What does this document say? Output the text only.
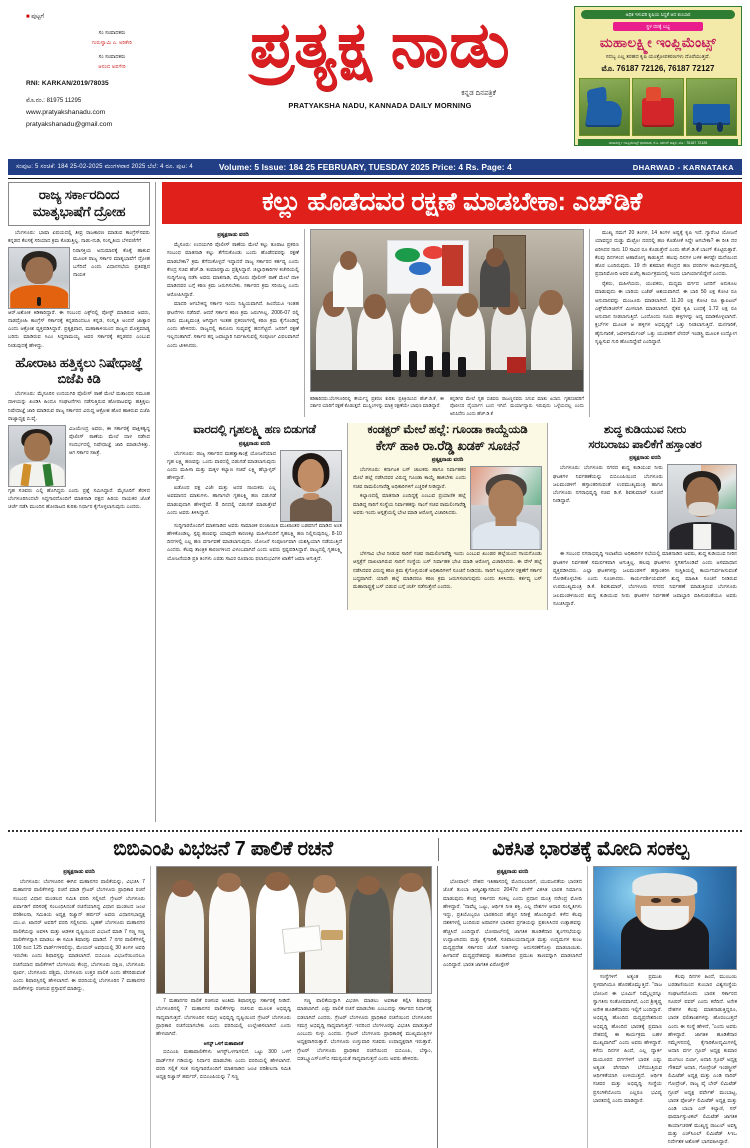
■ ಪುಟ್ಟಗೆ
ಸಂ ಸಂಪಾದಕರು
ಗುರುಸ್ವಾಮಿ ಎ. ಅರಿಕೇರಿ
ಸಂ ಸಂಪಾದಕರು
ಆನಂದ ಅಪಗೇರಿ
RNI: KARKAN/2019/78035
ಮೊ.ನಂ.: 81975 11295
www.pratyakshanadu.com
pratyakshanadu@gmail.com
ಪ್ರತ್ಯಕ್ಷ ನಾಡು
ಕನ್ನಡ ದಿನಪತ್ರಿಕೆ
PRATYAKSHA NADU, KANNADA DAILY MORNING
ಅಧಿಕ ಇಳುವರಿ ಕೃಷಿಯ ಸಿದ್ಧತೆ ಆದ ಕುಂಬಾರ
ಸ್ಥಳ ದರಕ್ಕೆ ಲಭ್ಯ
ಮಹಾಲಕ್ಷ್ಮೀ ಇಂಪ್ಲಿಮೆಂಟ್ಸ್
ಸದಬ್ಬ ಎಲ್ಲ ತರಹದ ಕೃಷಿ ಯಂತ್ರೋಪಕರಣಗಳು ದೊರೆಯುತ್ತವೆ.
ಮೊ. 76187 72126, 76187 72127
ಮಹಾಲಕ್ಷ್ಮೀ ಇಂಪ್ಲಿಮೆಂಟ್ಸ್ ಧಾರವಾಡ, ಕೆ.ಸಿ. ಸರ್ಕಲ್ ಹತ್ತಿರ, ಮೊ : 76187 72126
ಸಂಪುಟ: 5 ಸಂಚಿಕೆ: 184 25-02-2025 ಮಂಗಳವಾರ 2025 ಬೆಲೆ: 4 ರೂ. ಪುಟ: 4	Volume: 5 Issue: 184 25 FEBRUARY, TUESDAY 2025 Price: 4 Rs. Page: 4	DHARWAD - KARNATAKA
ರಾಜ್ಯ ಸರ್ಕಾರದಿಂದ ಮಾತೃಭಾಷೆಗೆ ದ್ರೋಹ

ಬೆಂಗಳೂರು: ಭಾಷಾ ಏಷಯದಲ್ಲಿ ತೀವ್ರ ರಾಜಕಾರಣ ಮಾಡುವ ಕಾಂಗ್ರೆಸ್‌ನವರು ಕನ್ನಡದ ಕೆಲಸಕ್ಕೆ ಸರಿಯಾದ ಕ್ರಮ ಕೊಡುತ್ತಿಲ್ಲ. ನಾಡು-ನುಡಿ, ಸಂಸ್ಕೃತಿಯ ಬೆಳವಣಿಗೆಗೆ

ನಿರಾಸಕ್ತಿಯ ಅದುಮಾನಕ್ಕೆ ಕೊಕ್ಕೆ ಹಾಕುವ ಮೂಲಕ ರಾಜ್ಯ ಸರ್ಕಾರ ಮಾತೃಭಾಷೆಗೆ ದ್ರೋಹ ಬಗೆದಿದೆ ಎಂದು ವಿಧಾನಸಭೆಯ ಪ್ರತಿಪಕ್ಷದ ನಾಯಕ

ಆರ್.ಅಶೋಕ ಕಿಡಿಕಾರಿದ್ದಾರೆ. ಈ ಸಂಬಂಧ ಎಕ್ಸ್‌ನಲ್ಲಿ ಪೋಸ್ಟ್ ಮಾಡಿರುವ ಅವರು, ನಾಡದ್ರೋಹಿ ಕಾಂಗ್ರೆಸ್ ಸರ್ಕಾರಕ್ಕೆ ಕನ್ನಡದಿಂದಲೂ ಕನ್ನಡ, ಸಂಸ್ಕೃತಿ ಅಂದರೆ ಜಾತ್ಯಾರ ಎಂದು ಆಕ್ರೋಶ ವ್ಯಕ್ತಪಡಿಸಿದ್ದಾರೆ. ಪ್ರತ್ಯಕ್ಷವಾದ, ಮಹಾಕಾಳಿಯಿಂದ ರಾಜ್ಯದ ಮೊತ್ತಮಾಡ್ಯ ಬರಿದು ಮಾಡಿರುವ ಸಿಎಂ ಸಿದ್ದರಾಮಯ್ಯ ಅವರ ಸರ್ಕಾರಕ್ಕೆ ಕನ್ನಡಪರ ಎಂಬುವ ನೀಡುವುದಕ್ಕೆ ಹೇಳಿದ್ದು.

ಹೋರಾಟ ಹತ್ತಿಕ್ಕಲು ನಿಷೇಧಾಜ್ಞೆ ಬಿಜೆಪಿ ಕಿಡಿ

ಬೆಂಗಳೂರು: ಮೈಸೂರಿನ ಉದಯಗಿರಿ ಪೊಲೀಸ್ ಠಾಣೆ ಮೇಲೆ ಮತಾಂಧರ ಸಮೂಹ ದಾಳಿಯನ್ನು ಖಂಡಿಸಿ ಹಿಂದೂ ಸಂಘಟನೆಗಳು ನಡೆಸುತ್ತಿರುವ ಹೋರಾಟವನ್ನು ಹತ್ತಿಕ್ಕಲು ನಿಷೇಧಾಜ್ಞೆ ಜಾರಿ ಮಾಡಿರುವ ರಾಜ್ಯ ಸರ್ಕಾರದ ವಿರುದ್ಧ ಆಕ್ರೋಶ ಹೊರ ಹಾಕಿರುವ ಬಿಜೆಪಿ ರಾಜ್ಯಾಧ್ಯಕ್ಷ ಬಿ.ವೈ.

ವಿಜಯೇಂದ್ರ ಅವರು, ಈ ಸರ್ಕಾರಕ್ಕೆ ಪಾಕ್ಷಿಕತ್ವದ್ದ ಪೊಲೀಸ್ ಠಾಣೆಯ ಮೇಲೆ ದಾಳ ನಡೆಸಿದ ಸಂದರ್ಭದಲ್ಲಿ ನಿಷೇಧಾಜ್ಞೆ ಜಾರಿ ಮಾಡಬೇಕಿತ್ತು. ಆಗ ಸರ್ಕಾರ ಸಹಿತ್ರೆ.

ಗೃಹ ಸಚಿವರು ಎಲ್ಲಿ ಹೊಗಿದ್ದರು ಎಂದು ಪ್ರಶ್ನೆ ಸಮಿಸಿದ್ದಾರೆ. ಮೈಸೂರಿಗೆ ತೆರಳಿದ ಬೆಂಗಳೂರಿನಿಂದಲೇ ಸಿದ್ದಗಾರದೊಂದಿಗೆ ಮಾತನಾಡಿ ಪಕ್ಷದ ಹಿರಿಯ ನಾಯಕರ ಜೊತೆ ಚರ್ಚೆ ನಡೆಸಿ ಮುಂದಿನ ಹೋರಾಟದ ಕುರಿತು ನಿರ್ಧಾರ ಕೈಗೊಳ್ಳಲಾಗುವುದು ಎಂದರು.

ಕಲ್ಲು ಹೊಡೆದವರ ರಕ್ಷಣೆ ಮಾಡಬೇಕಾ: ಎಚ್‌ಡಿಕೆ
ಪ್ರತ್ಯಕ್ಷನಾಡು ವರದಿ

ಮೈಸೂರು: ಉದಯಗಿರಿ ಪೊಲೀಸ್ ಠಾಣೆಯ ಮೇಲೆ ಕಲ್ಲು ತೂರಾಟ ಪ್ರಕರಣ ಸಂಬಂಧ ಮಾತನಾಡಿ ಕಲ್ಲು ತೆಗೆದುಕೊಂಡು ಬಂದು ಹೊಡೆದವರನ್ನು ರಕ್ಷಣೆ ಮಾಡಬೇಕಾ? ಕ್ರಮ ತೆಗೆದುಕೊಳ್ಳದೆ ಇದ್ದಾದರೆ ರಾಜ್ಯ ಸರ್ಕಾರದ ಕರ್ತವ್ಯ ಎಂದು ಕೇಂದ್ರ ಸಚಿವ ಹೆಚ್.ಡಿ. ಕುಮಾರಸ್ವಾಮಿ ಪ್ರಶ್ನಿಸಿದ್ದಾರೆ. ಜಿಲ್ಲಾಧಿಕಾರಿಗಳ ಕಚೇರಿಯಲ್ಲಿ ಸುದ್ದಿಗೋಷ್ಠಿ ನಡೆಸಿ ಅವರು ಮಾತನಾಡಿ, ಮೈಸೂರು ಪೊಲೀಸ್ ಠಾಣೆ ಮೇಲೆ ದಾಳಿ ಮಾಡಿದವರ ಬಗ್ಗೆ ಕಠಿಣ ಕ್ರಮ ಜರುಗಿಸಬೇಕು. ಸರ್ಕಾರದ ಕ್ರಮ ಸರಿಯಿಲ್ಲ ಎಂದು ಆರೋಪಿಸಿದ್ದಾರೆ.

ಮಾದರಿ ಆಗಬೇಕಿದ್ದ ಸರ್ಕಾರ ಇಂದು ನಿಷ್ಕ್ರಿಯವಾಗಿದೆ. ಹಿಂದೆಯೂ ಇಂತಹ ಘಟನೆಗಳು ನಡೆದಿವೆ. ಆದರೆ ಸರ್ಕಾರ ಕಠಿಣ ಕ್ರಮ ಜರುಗಿಸಿಲ್ಲ. 2006-07 ರಲ್ಲಿ ನಾನು ಮುಖ್ಯಮಂತ್ರಿ ಆಗಿದ್ದಾಗ ಇಂತಹ ಪ್ರಕರಣಗಳಲ್ಲಿ ಕಠಿಣ ಕ್ರಮ ಕೈಗೊಂಡಿದ್ದೆ ಎಂದು ಹೇಳಿದರು. ರಾಜ್ಯದಲ್ಲಿ ಕಾನೂನು ಸುವ್ಯವಸ್ಥೆ ಹದಗೆಟ್ಟಿದೆ. ಜನರಿಗೆ ರಕ್ಷಣೆ ಇಲ್ಲದಂತಾಗಿದೆ. ಸರ್ಕಾರ ತನ್ನ ಜವಾಬ್ದಾರಿ ನಿರ್ವಹಿಸುವಲ್ಲಿ ಸಂಪೂರ್ಣ ವಿಫಲವಾಗಿದೆ ಎಂದು ಟೀಕಿಸಿದರು.

ಕಡಿಕಾರಿದರು.ಬೆಂಗಳೂರಿನಲ್ಲಿ ಕೌರ್ಯಸ್ಥ ಪ್ರಕರಣ ಕುರಿತು ಪ್ರತಿಕ್ರಿಯಿಸಿದ ಹೆಚ್.ಡಿ.ಕೆ, ಈ ಸರ್ಕಾರ ಯಾರಿಗೆ ರಕ್ಷಣೆ ಕೊಡುತ್ತದೆ. ಮುಸ್ಲಿಂಗಳನ್ನು ಮಾತ್ರ ರಕ್ಷಣೆಯೇ ಭಾಷಣ ಮಾಡಿದ್ದಾರೆ.
ಕನ್ನಡಿಗರ ಮೇಲೆ ಗೃಹ ಸಚಿವರು ರಾಜಣ್ಣನವರು ಸಿಗುವ ಮಾತು ಏಸಾದ. ಗೃಹಸಚಿವರಿಗೆ ಪೊಲೀಸರ ದೈರ್ಯಾಗ ಬಂದ ಇಗಿದೆ. ಮರ್ಯಾದ್ಯಾರು ಇರುವುದು ಒಳ್ಳೆಯದಲ್ಲ ಎಂದು ಅನಿಸಿದೆನು ಎಂದು ಹೆಚ್.ಡಿ.ಕೆ

ಮುಖ್ಯ ನಮಗೆ 20 ತಿಂಗಳ, 14 ತಿಂಗಳ ಅಷ್ಟಕ್ಕೆ ಕೃಷಿ ಇದೆ. ಗ್ಯಾರೆಂಟಿ ಯೋಜನೆ ಯಾವದ್ದರ ದುಡ್ಡು ಮೆಟ್ರೋ ದರದಲ್ಲಿ ಹಣ ಕೊಡೋಕೆ ಸಿದ್ಧೇ ಆಗಬೇಕಾ? ಈ ರೀತಿ ದರ ಏರಿಸಿದರ ನಾನು 10 ಸಾವಿರ ರೂ ಕೊಡುತ್ತೇನೆ ಎಂದು ಹೆಚ್.ಡಿ.ಕೆ ಬಾಂಗ್ ಕೊಟ್ಟಿರುತ್ತಾರೆ. ಕೆಲವು ದಿನಗಳಿಂದ ಆಹಾರೋಗ್ಯ ಕಾಡುತ್ತಿದೆ. ಹಲವು ದಿನಗಳ ಬಳಕ ಈಗಷ್ಟೇ ಮನೆಯಿಂದ ಹೊರ ಬಂದಿರುವುದು. 19 ನೇ ಶತಮಾನ ಕೇಂದ್ರದ ಹಣ ವರದಿಗಳ ಕಾರ್ಯಕ್ರಮದಲ್ಲಿ ಪ್ರಧಾನಿಮೋದಿ ಅವರ ಏಜೆನ್ಸಿ ಕಾರ್ಯಕ್ರಮದಲ್ಲಿ ಇಂದು ಭಾಗಿಯಾಗಲಿದ್ದೇನೆ ಎಂದರು.

ರೈತರು, ಮಹಿಳೆಯರು, ಯುವಕರು, ಮಧ್ಯಮ ವರ್ಗದ ಜನರಿಗೆ ಅನುಕೂಲ ಮಾಡುವುದು ಈ ಬಾರಿಯ ಬಜೆಟ್ ಆಶಯವಾಗಿದೆ. ಈ ಬಾರಿ 50 ಲಕ್ಷ ಕೋಟಿ ರೂ ಅನುದಾನವನ್ನು ಮಂಜೂರು ಮಾಡಲಾಗಿದೆ. 11.20 ಲಕ್ಷ ಕೋಟಿ ರೂ ಕ್ಯಾಪಿಟಲ್ ಎಕ್ಸ್‌ಪೆಂಡಿಚರ್‌ಗೆ ಮೀಸಲಾಗಿ ಮಾಡಲಾಗಿದೆ. ರೈತರ ಕೃಷಿ ಬಂಧಕ್ಕೆ 1.72 ಲಕ್ಷ ರೂ ಅನುದಾನ ನೀಡಲಾಗುತ್ತಿದೆ. ಒಂದೊಂದು ಸೂರು ಹಳ್ಳಿಗಳನ್ನು ಅದ್ಯ ಮಾಡಿಕೊಳ್ಳಲಾಗಿದೆ. ಕ್ಲಬ್‌ಗಳ ಮೂಲಕ ಆ ಹಳ್ಳಿಗಳ ಅಭಿವೃದ್ಧಿಗೆ ಒತ್ತು ನೀಡಲಾಗುತ್ತಿದೆ. ಮನಗಾರಿಕೆ, ಹೈನುಗಾರಿಕೆ, ಜವಳಿಗಾರ್ಮೆಂಟ್ ಒತ್ತು ಯುವಕರಿಗೆ ಲೇದರ್ ಇಂಡಸ್ಟ್ರಿ ಮೂಲಕ ಉದ್ಯೋಗ ಸೃಷ್ಟಿಸುವ ಗುರಿ ಹೊಂದಿದ್ದೇವೆ ಎಂದಿದ್ದಾರೆ.

ವಾರದಲ್ಲಿ ಗೃಹಲಕ್ಷ್ಮಿ ಹಣ ಬಿಡುಗಡೆ
ಪ್ರತ್ಯಕ್ಷನಾಡು ವರದಿ

ಬೆಂಗಳೂರು: ರಾಜ್ಯ ಸರ್ಕಾರದ ಮಹತ್ವಾಕಾಂಕ್ಷೆ ಯೋಜನೆಯಾದ ಗೃಹ ಲಕ್ಷ್ಮಿ ಹಣವನ್ನು ಒಂದು ವಾರದಲ್ಲಿ ಬಿಡುಗಡೆ ಮಾಡಲಾಗುವುದು ಎಂದು ಮಹಿಳಾ ಮತ್ತು ಮಕ್ಕಳ ಕಲ್ಯಾಣ ಸಚಿವೆ ಲಕ್ಷ್ಮಿ ಹೆಬ್ಬಾಳ್ಕರ್ ಹೇಳಿದ್ದಾರೆ.

ಏಡೊಂಥ ಪಕ್ಷ ವಿಜೇ ಮತ್ತು ಅದರ ನಾಯಕರು ಎಲ್ಲ ಅವಮಾನದ ಮಾತುಗಳು. ಹಾಗಾಗಲೇ ಗೃಹಲಕ್ಷ್ಮಿ ಹಣ ಬಿಡುಗಡೆ ಮಾಡುವುದಾಗಿ ಹೇಳಿದ್ದೇವೆ. 8 ದಿನದಲ್ಲಿ ಬಿಡುಗಡೆ ಮಾಡುತ್ತೇವೆ ಎಂದು ಅವರು ತಿಳಿಸಿದ್ದಾರೆ.

ಸುದ್ದಿಗಾರರೊಂದಿಗೆ ಮಾತನಾಡಿದ ಅವರು ಸಾಮಾಜಿಕ ಪಂಚಾಯಿತಿ ಮುಖಾಂತರ ಬಡವನಿಗೆ ಮಾಡಿದ ಅಂತ ಹೇಳಿಕೊಂಡಿಲ್ಲ. ಸ್ಪಷ್ಟ ಹಣವನ್ನು ಯಾವುದೇ ಕಾರಣಕ್ಕೂ ಮಹಿಳೆಯರಿಗೆ ಗೃಹಲಕ್ಷ್ಮಿ ಹಣ ನಿಲ್ಲಿಸುವುದಿಲ್ಲ. 8-10 ದಿನಗಳಲ್ಲಿ ಎಲ್ಲ ಹಣ ವರ್ಗಾವಣೆ ಮಾಡಲಾಗುವುದು. ಯೋಜನೆ ಸಂಪೂರ್ಣವಾಗಿ ಯಶಸ್ವಿಯಾಗಿ ನಡೆಯುತ್ತಿದೆ ಎಂದರು. ಕೆಲವು ತಾಂತ್ರಿಕ ಕಾರಣಗಳಿಂದ ವಿಳಂಬವಾಗಿದೆ ಎಂದು ಅವರು ಸ್ಪಷ್ಟಪಡಿಸಿದ್ದಾರೆ. ರಾಜ್ಯದಲ್ಲಿ ಗೃಹಲಕ್ಷ್ಮಿ ಯೋಜನೆಯಡಿ ಪ್ರತಿ ತಿಂಗಳು ಎರಡು ಸಾವಿರ ರೂಪಾಯಿ ಫಲಾನುಭವಿಗಳ ಖಾತೆಗೆ ಜಮಾ ಆಗುತ್ತಿದೆ.

ಕಂಡಕ್ಟರ್ ಮೇಲೆ ಹಲ್ಲೆ: ಗೂಂಡಾ ಕಾಯ್ದೆಯಡಿ
ಕೇಸ್ ಹಾಕಿ ರಾ.ರೆಡ್ಡಿ ಖಡಕ್ ಸೂಚನೆ
ಪ್ರತ್ಯಕ್ಷನಾಡು ವರದಿ

ಬೆಂಗಳೂರು: ಕರ್ನಾಟಕ ಬಸ್ ಚಾಲಕರು ಹಾಗೂ ನಿರ್ವಾಹಕರ ಮೇಲೆ ಹಲ್ಲೆ ನಡೆಸಿದವರ ವಿರುದ್ಧ ಗೂಂಡಾ ಕಾಯ್ದೆ ಹಾಕಬೇಕು ಎಂದು ಸಚಿವ ರಾಮಲಿಂಗಾರೆಡ್ಡಿ ಅಧಿಕಾರಿಗಳಿಗೆ ಎಚ್ಚರಿಕೆ ನೀಡಿದ್ದಾರೆ.

ಕಲ್ಯಾಣದಲ್ಲಿ ಮಾತನಾಡಿ ಎಂದಿದ್ದಕ್ಕೆ ಎಂಬುವ ಪ್ರಯಾಣಿಕ ಹಲ್ಲೆ ಮಾಡಿದ್ದ ಸಾರಿಗೆ ಸಂಸ್ಥೆಯ ನಿರ್ವಾಹಕನ್ನು ಸಾಂಗೆ ಸಚಿವ ರಾಮಲಿಂಗಾರೆಡ್ಡಿ ಅವರು ಇಂದು ಆಸ್ಪತ್ರೆಯಲ್ಲಿ ಭೇಟಿ ಮಾಡಿ ಆರೋಗ್ಯ ವಿಚಾರಿಸಿದರು.

ಬೆಳಗಾವಿ ಭೇಟಿ ನೀಡುವ ಸಾರಿಗೆ ಸಚಿವ ರಾಮಲಿಂಗಾರೆಡ್ಡಿ ಇಂದು ಎಂಬುವ ಖುಂಡರ ಹಲ್ಲೆಯಿಂದ ಗಾಯಗೊಂಡು ಆಸ್ಪತ್ರೆಗೆ ದಾಖಲಾಗಿರುವ ಸಾರಿಗೆ ಸಂಸ್ಥೆಯ ಬಸ್ ನಿರ್ವಾಹಕ ಭೇಟಿ ಮಾಡಿ ಆರೋಗ್ಯ ವಿಚಾರಿಸಿದರು. ಈ ವೇಳೆ ಹಲ್ಲೆ ನಡೆಸಿದವರ ವಿರುದ್ಧ ಕಠಿಣ ಕ್ರಮ ಕೈಗೊಳ್ಳುವಂತೆ ಅಧಿಕಾರಿಗಳಿಗೆ ಸೂಚನೆ ನೀಡಿದರು. ಸಾರಿಗೆ ಸಿಬ್ಬಂದಿಗಳ ರಕ್ಷಣೆಗೆ ಸರ್ಕಾರ ಬದ್ಧವಾಗಿದೆ. ಯಾರೇ ಹಲ್ಲೆ ಮಾಡಿದರೂ ಕಠಿಣ ಕ್ರಮ ಜರುಗಿಸಲಾಗುವುದು ಎಂದು ತಿಳಿಸಿದರು. ಕರ್ತವ್ಯ ಬಸ್ ಮಹಾರಾಷ್ಟ್ರಕ್ಕೆ ಬಸ್ ಬಿಡುವ ಬಗ್ಗೆ ಚರ್ಚೆ ನಡೆಸುತ್ತೇನೆ ಎಂದರು.

ಶುದ್ಧ ಕುಡಿಯುವ ನೀರು
ಸರಬರಾಜು ಪಾಲಿಕೆಗೆ ಹಸ್ತಾಂತರ
ಪ್ರತ್ಯಕ್ಷನಾಡು ವರದಿ

ಬೆಂಗಳೂರು: ಬೆಂಗಳೂರು ನಗರದ ಶುದ್ಧ ಕುಡಿಯುವ ನೀರು ಘಟಕಗಳ ನಿರ್ವಹಣೆಯನ್ನು ಬಿಬಿಎಂಪಿಯಿಂದ ಬೆಂಗಳೂರು ಜಲಮಂಡಳಿಗೆ ಹಸ್ತಾಂತರಿಸುವಂತೆ ಉಪಮುಖ್ಯಮಂತ್ರಿ ಹಾಗೂ ಬೆಂಗಳೂರು ನಗರಾಭಿವೃದ್ಧಿ ಸಚಿವ ಡಿ.ಕೆ. ಶಿವಕುಮಾರ್ ಸೂಚನೆ ನೀಡಿದ್ದಾರೆ.

ಈ ಸಂಬಂಧ ನಗರಾಭಿವೃದ್ಧಿ ಇಲಾಖೆಯ ಅಧಿಕಾರಿಗಳ ಸಭೆಯಲ್ಲಿ ಮಾತನಾಡಿದ ಅವರು, ಶುದ್ಧ ಕುಡಿಯುವ ನೀರಿನ ಘಟಕಗಳ ನಿರ್ವಹಣೆ ಸಮರ್ಪಕವಾಗಿ ಆಗುತ್ತಿಲ್ಲ. ಹಲವು ಘಟಕಗಳು ಸ್ಥಗಿತಗೊಂಡಿವೆ ಎಂದು ಅಸಮಾಧಾನ ವ್ಯಕ್ತಪಡಿಸಿದರು. ಎಲ್ಲಾ ಘಟಕಗಳನ್ನು ಜಲಮಂಡಳಿಗೆ ಹಸ್ತಾಂತರಿಸಿ ಸುಸ್ಥಿತಿಯಲ್ಲಿ ಕಾರ್ಯನಿರ್ವಹಿಸುವಂತೆ ನೋಡಿಕೊಳ್ಳಬೇಕು ಎಂದು ಸೂಚಿಸಿದರು. ಕಾರ್ಯದರ್ಶಿಯವರಿಗೆ ಶುದ್ಧ ಮಾಹಿತಿ ಸೂಚನೆ ನೀಡಿರುವ ಉಪಮುಖ್ಯಮಂತ್ರಿ ಡಿ.ಕೆ. ಶಿವಕುಮಾರ್, ಬೆಂಗಳೂರು ನಗರದ ನಿರ್ವಹಣೆ ಮಾಡುತ್ತಿರುವ ಬೆಂಗಳೂರು ಜಲಮಂಡಳಿಯಿಂದ ಶುದ್ಧ ಕುಡಿಯುವ ನೀರು ಘಟಕಗಳ ನಿರ್ವಹಣೆ ಜವಾಬ್ದಾರಿ ವಹಿಸುವಂತೆಯೂ ಅವರು ಸೂಚಿಸಿದ್ದಾರೆ.

ಬಿಬಿಎಂಪಿ ವಿಭಜನೆ 7 ಪಾಲಿಕೆ ರಚನೆ	ವಿಕಸಿತ ಭಾರತಕ್ಕೆ ಮೋದಿ ಸಂಕಲ್ಪ
ಪ್ರತ್ಯಕ್ಷನಾಡು ವರದಿ

ಬೆಂಗಳೂರು: ಬೆಂಗಳೂರಿನ ಈಗಿನ ಮಹಾನಗರ ಪಾಲಿಕೆಯನ್ನು, ವಿಭಜಿಸಿ 7 ಮಹಾನಗರ ಪಾಲಿಕೆಗಳನ್ನು ರಚನೆ ಮಾಡಿ ಗ್ರೇಟರ್ ಬೆಂಗಳೂರು ಪ್ರಾಧಿಕಾರ ರಚನೆ ಸಂಬಂಧ ವಿಧಾನ ಮಂಡಲದ ಸಮಿತಿ ವರದಿ ಸಲ್ಲಿಸಿದೆ. ಗ್ರೇಟರ್ ಬೆಂಗಳೂರು ಏರ್ಪಾಡಿಗೆ ಪರಿಸರಕ್ಕೆ ಸಂಬಂಧಿಸಿದಂತೆ ರಚನೆಯಾಗಿದ್ದ ವಿಧಾನ ಮಂಡಲದ ಜಂಟಿ ಪರಿಶೀಲನಾ, ಸಮಿತಿಯ ಅಧ್ಯಕ್ಷ ರಿಜ್ವಾನ್ ಹರ್ಷದ್ ಅವರು ವಿಧಾನಸಭಾಧ್ಯಕ್ಷ ಯು.ಟಿ. ಖಾದರ್ ಅವರಿಗೆ ವರದಿ ಸಲ್ಲಿಸಿದರು. ಬೃಹತ್ ಬೆಂಗಳೂರು ಮಹಾನಗರ ಪಾಲಿಕೆಯನ್ನು ಅವಳಿಸಿ ಮತ್ತು ಆಡಳಿತ ದೃಷ್ಟಿಯಿಂದ ವಿಭಜನೆ ಮಾಡಿ 7 ಸಣ್ಣ ಸಣ್ಣ ಪಾಲಿಕೆಗಳನ್ನಾಗಿ ಮಾಡಲು ಈ ಸಮಿತಿ ಶಿಫಾರಸ್ಸು ಮಾಡಿದೆ. 7 ನಗರ ಪಾಲಿಕೆಗಳಲ್ಲಿ 100 ರಿಂದ 125 ವಾರ್ಡ್‌ಗಳಿರಲಿದ್ದು, ಮೇಯರ್ ಅವಧಿಯಲ್ಲಿ 30 ತಿಂಗಳ ಅವಧಿ ಇರಬೇಕು ಎಂದು ಶಿಫಾರಸ್ಸನ್ನು ಮಾಡಲಾಗಿದೆ. ಬಿಬಿಎಂಪಿ ವಿಭಜನೆಯಿಂದಲೂ ರಚನೆಯಾದ ಪಾಲಿಕೆಗಳಿಗೆ ಬೆಂಗಳೂರು ಕೇಂದ್ರ, ಬೆಂಗಳೂರು ದಕ್ಷಿಣ, ಬೆಂಗಳೂರು ಪೂರ್ವ, ಬೆಂಗಳೂರು ಪಶ್ಚಿಮ, ಬೆಂಗಳೂರು ಉತ್ತರ ಪಾಲಿಕೆ ಎಂದು ಹೆಸರಿಡುವಂತೆ ಎಂದು ಶಿಫಾರಸ್ಸಿನಲ್ಲಿ ಹೇಳಲಾಗಿದೆ. ಈ ವರದಿಯಲ್ಲಿ ಬೆಂಗಳೂರಿನ 7 ಮಹಾನಗರ ಪಾಲಿಕೆಗಳನ್ನು ರಚಿಸುವ ಪ್ರಸ್ತಾವನೆ ಮಾಡಿದ್ದು,

7 ಮಹಾನಗರ ಪಾಲಿಕೆ ರಚಿಸುವ ಅಂತಿಮ ಶಿಫಾರಸ್ಸನ್ನು ಸರ್ಕಾರಕ್ಕೆ ನೀಡಿದೆ. ಬೆಂಗಳೂರಿನಲ್ಲಿ 7 ಮಹಾನಗರ ಪಾಲಿಕೆಗಳನ್ನು ರಚಿಸುವ ಮೂಲಕ ಅಭಿವೃದ್ಧಿ ಸಾಧ್ಯವಾಗುತ್ತದೆ. ಬೆಂಗಳೂರಿನ ಸಮಗ್ರ ಅಭಿವೃದ್ಧಿ ದೃಷ್ಟಿಯಿಂದ ಗ್ರೇಟರ್ ಬೆಂಗಳೂರು ಪ್ರಾಧಿಕಾರ ರಚನೆಯಾಗಬೇಕು ಎಂದು ವರದಿಯಲ್ಲಿ ಉಲ್ಲೇಖಿಸಲಾಗಿದೆ ಎಂದು ಹೇಳಲಾಗಿದೆ.

ಆಗಸ್ಟ್ ಒಳಗೆ ಮಹಾಪಾಲಿಕೆ

ಬಿಬಿಎಂಪಿ ಮಹಾಪಾಲಿಕೆಗಳು ಆಗಸ್ಟ್‌ಒಳಗಾಗಲಿದೆ. ಒಟ್ಟು 300 ಒಳಗೆ ವಾರ್ಡ್‌ಗಳ ಗಡಿಯನ್ನು ನಿರ್ಧಾರ ಮಾಡಬೇಕು ಎಂದು ವರದಿಯಲ್ಲಿ ಹೇಳಲಾಗಿದೆ. ವರದಿ ಸಲ್ಲಿಕೆ ಸಂತ ಸುದ್ದಿಗಾರರೊಂದಿಗೆ ಮಾತನಾಡಿದ ಜಂಟಿ ಪರಿಶೀಲನಾ ಸಮಿತಿ ಅಧ್ಯಕ್ಷ ರಿಜ್ವಾನ್ ಹರ್ಷದ್, ಬಿಬಿಎಂಪಿಯನ್ನು 7 ಸಣ್ಣ

ಸಣ್ಣ ಪಾಲಿಕೆಯನ್ನಾಗಿ ವಿಭಜಿಸಿ ಮಾಡಲು ಅವಕಾಶ ಕಲ್ಪಿಸಿ ಶಿಫಾರಸ್ಸು ಮಾಡಲಾಗಿದೆ. ಎಷ್ಟು ಪಾಲಿಕೆ ರಚನೆ ಮಾಡಬೇಕು ಎಂಬುದನ್ನು ಸರ್ಕಾರದ ನಿರ್ಧಾರಕ್ಕೆ ಬಿಡಲಾಗಿದೆ ಎಂದರು. ಗ್ರೇಟರ್ ಬೆಂಗಳೂರು ಪ್ರಾಧಿಕಾರ ರಚನೆಯಿಂದ ಬೆಂಗಳೂರಿನ ಸಮಗ್ರ ಅಭಿವೃದ್ಧಿ ಸಾಧ್ಯವಾಗುತ್ತದೆ. ಇದರಿಂದ ಬೆಂಗಳೂರನ್ನು ವಿಭಜಿಸಿ ಮಾಡುತ್ತಾರೆ ಎಂಬುದು ಸುಳ್ಳು ಎಂದರು. ಗ್ರೇಟರ್ ಬೆಂಗಳೂರು ಪ್ರಾಧಿಕಾರಕ್ಕೆ ಮುಖ್ಯಮಂತ್ರಿಗಳ ಅಧ್ಯಕ್ಷರಾಗಿರುತ್ತಾರೆ. ಬೆಂಗಳೂರು ಉಸ್ತುವಾರಿ ಸಚಿವರು ಉಪಾಧ್ಯಕ್ಷರಾಗಿ ಇರುತ್ತಾರೆ. ಗ್ರೇಟರ್ ಬೆಂಗಳೂರು ಪ್ರಾಧಿಕಾರ ರಚನೆಯಿಂದ ಬಿಬಿಎಂಪಿ, ಬೆಸ್ಕಾಂ, ಬಿಡಬ್ಲ್ಯೂಎಸ್‌ಎಸ್‌ಬಿ ಸಮನ್ವಯತೆ ಸಾಧ್ಯವಾಗುತ್ತದೆ ಎಂದು ಅವರು ಹೇಳಿದರು.

ಪ್ರತ್ಯಕ್ಷನಾಡು ವರದಿ

ಭೋಪಾಲ್: ದೇಶದ ಇತಿಹಾಸದಲ್ಲಿ ಮೊದಲಬಾರಿಗೆ, ಯುವಜನತೆಯ ಭಾರತದ ಜೊತೆ ತುಂಬಾ ಆತ್ಮವಿಶ್ವಾಸದಿಂದ 2047ರ ವೇಳೆಗೆ ವಿಕಸಿತ ಭಾರತ ನಿರ್ಮಾಣ ಮಾಡುವುದು ಕೇಂದ್ರ ಸರ್ಕಾರದ ಸಂಕಲ್ಪ ಎಂದು ಪ್ರಧಾನ ಮಂತ್ರಿ ನರೇಂದ್ರ ಮೋದಿ ಹೇಳಿದ್ದಾರೆ. "ನಾವೆಲ್ಲ ಒಟ್ಟು, ಆರ್ಥಿಕ ನೀತಿ ಶಕ್ತಿ, ಎಲ್ಲ ದೇಶಗಳ ಆಧಾರ ಸಂಸ್ಕೃತಿಗಳು ಇದ್ದು, ಪ್ರತಿಯೊಬ್ಬರೂ ಭಾರತದಿಂದ ಹೆಚ್ಚಿನ ನಿರೀಕ್ಷೆ ಹೊಂದಿದ್ದಾರೆ. ಕಳೆದ ಕೆಲವು ದಶಕಗಳಲ್ಲಿ ಬಂದಿರುವ ಅಪಾರಗಳ ಭಾರತದ ಪ್ರಗತಿಯನ್ನು ಪ್ರಶಂಸಿಸಿದರ ಉತ್ಸಾಹವನ್ನು ಹೆಚ್ಚಿಸಿದೆ ಎಂದಿದ್ದಾರೆ. ಭೋಪಾಲ್‌ನಲ್ಲಿ ಜಾಗತಿಕ ಹೂಡಿಕೆದಾರ ಶೃಂಗಸಭೆಯನ್ನು ಉದ್ಘಾಟಿಸಿದರು ಮತ್ತು ಕೈಗಾರಿಕೆ, ಸಚಿವಾಲಯದಾದ್ಯಂತ ಮತ್ತು ಉದ್ಯಮಗಳ ಕುಂಟ ಮಧ್ಯಪ್ರದೇಶ ಸರ್ಕಾರದ ಜೊತೆ ನೀತಿಗಳನ್ನು ಅನುಸರಣೆಗೊಳ್ಳು ಮಾಡಲಾಯಿತು. ಹೀಗಾದರೆ ಮಧ್ಯಪ್ರದೇಶವನ್ನು ಹೂಡಿಕೆದಾರ ಪ್ರಮುಖ ತಾಣವನ್ನಾಗಿ ಮಾಡಲಾಗಿದೆ ಎಂದಿದ್ದಾರೆ. ಭಾರತ ಜಾಗತಿಕ ಏರೋಸ್ಪೇಸ್

ಸಂಸ್ಥೆಗಳಿಗೆ ಅತ್ಯಂತ ಪ್ರಮುಖ ಸ್ಥಳವಾಗಿಯೂ ಹೊರಹೊಮ್ಮುತ್ತಿದೆ. "ರಾಜ ಭೋಜನ ಈ ಭೂಮಿಗೆ ನಿಮ್ಮೆಲ್ಲರನ್ನೂ ಸ್ವಾಗತಿಸು ಸಂತೋಷವಾಗಿದೆ, ಎಂದ ಶ್ರೀಕೃಷ್ಣ ಅನೇಕ ಹೂಡಿಕೆದಾರರು ಇಲ್ಲಿಗೆ ಬಂದಿದ್ದಾರೆ. ಅಭಿವೃದ್ಧಿ ಹೊಂದಿದ ಮಧ್ಯಪ್ರದೇಶದಿಂದ ಅಭಿವೃದ್ಧಿ ಹೊಂದಿದ ಭಾರತಕ್ಕೆ ಪ್ರಮಾಣ ದೇಶದಲ್ಲಿ ಈ ಕಾರ್ಯಕ್ರಮ ಬಹಳ ಮುಖ್ಯವಾಗಿದೆ" ಎಂದು ಅವರು ಹೇಳಿದ್ದಾರೆ. ಕಳೆದು ದಿನಗಳ ಹಿಂದೆ, ಎಲ್ಲ ದ್ವಾರ್ಕ ಮಯೂರದ ವರ್ಗಗಳಿಗೆ ಭಾರತ ಎಷ್ಟು ಅತ್ಯಂತ ವೇಗವಾಗಿ ಬೆಳೆಯುತ್ತಿರುವ ಆರ್ಥಿಕತೆಯಾಗಿ ಉಳಿಯುತ್ತದೆ. ಆರ್ಥಿಕ ಸಚಿವರ ಮತ್ತು ಅಭಿವೃದ್ಧಿ ಸಂಸ್ಥೆಯ ಪ್ರಸಂಗಿಕೆಯೊಂದು ಎಲ್ಲರೂ ಭವಿಷ್ಯ ಭಾರತದಲ್ಲಿ ಎಂದು ಮಾಡಿದ್ದಾರೆ.

ಕೆಲವು ದಿನಗಳ ಹಿಂದೆ, ಮುಂಬಯಿ ಬರಡಾಣಿಯಿಂದ ಕುಂಬಾರ ವಿಶ್ವಸಂಸ್ಥೆಯ ಸಂಘಟನೆಯೊಂದು ಭಾರತ ಸರ್ಕಾರದ ಸೂಪರ್ ಪವರ್ ಎಂದು ಕರೆದಿದೆ. ಅನೇಕ ದೇಶಗಳ ಕೆಲವು ಮಾತನಾಡುತ್ತಿದ್ದರೂ, ಭಾರತ ಫಲಿತಾಂಶಗಳನ್ನು ಹೊರಂಬುತ್ತದೆ ಎಂದು ಈ ಸಂಸ್ಥೆ ಹೇಳಿದೆ, "ಎಂದು ಅವರು ಹೇಳಿದ್ದಾರೆ. ಜಾಗತಿಕ ಹೂಡಿಕೆದಾರ ಸಮ್ಮೇಳನದಲ್ಲಿ ಕೈಗಾರಿಕೋದ್ಯಮಿಗಳಲ್ಲಿ ಅದಾನಿ ವರ್ಗ ಗ್ರೂಪ್ ಅಧ್ಯಕ್ಷ ಕುಮಾರ ಮಂಗಲಂ ಬಿರ್ಲಾ, ಅದಾನಿ ಗ್ರೂಪ್ ಅಧ್ಯಕ್ಷ ಗೌತಮ್ ಅದಾನಿ, ಗೋದ್ರೇಜ್ ಇಂಡಸ್ಟ್ರೀಸ್ ಲಿಮಿಟೆಡ್ ಅಧ್ಯಕ್ಷ ಮತ್ತು ಎಂಡಿ ನಾದಿರ್ ಗೋದ್ರೇಜ್, ರಾಜ್ಯ ಪೈ ಬೇರ್ ಲಿಮಿಟೆಡ್ ಗ್ರೂಪ್ ಅಧ್ಯಕ್ಷ ಪರ್ವೇಶ್ ಮಂಬಾಟ್ಟ, ಭಾರತ ಫೋರ್ಜ್ ಲಿಮಿಟೆಡ್ ಅಧ್ಯಕ್ಷ ಮತ್ತು ಎಂಡಿ ಬಾಬಾ ಎನ್ ಕಲ್ಯಾಣಿ, ಸನ್ ಫಾರ್ಮಾಸ್ಯುಟಿಕಲ್ ಲಿಮಿಟೆಡ್ ಜಾಗತಿಕ ಕಾರ್ಯಾಚರಣೆ ಮುಖ್ಯಸ್ಥ ರಾಜುಲ್ ಅವಸ್ಥಿ ಮತ್ತು ಎಚ್‌ಸಿಎಲ್ ಲಿಮಿಟೆಡ್ ಸಿಇಒ ನಿರ್ದೇಶಕ ಅಶೋಕ್ ಭಾಗವಹಿಸಿದ್ದಾರೆ.
